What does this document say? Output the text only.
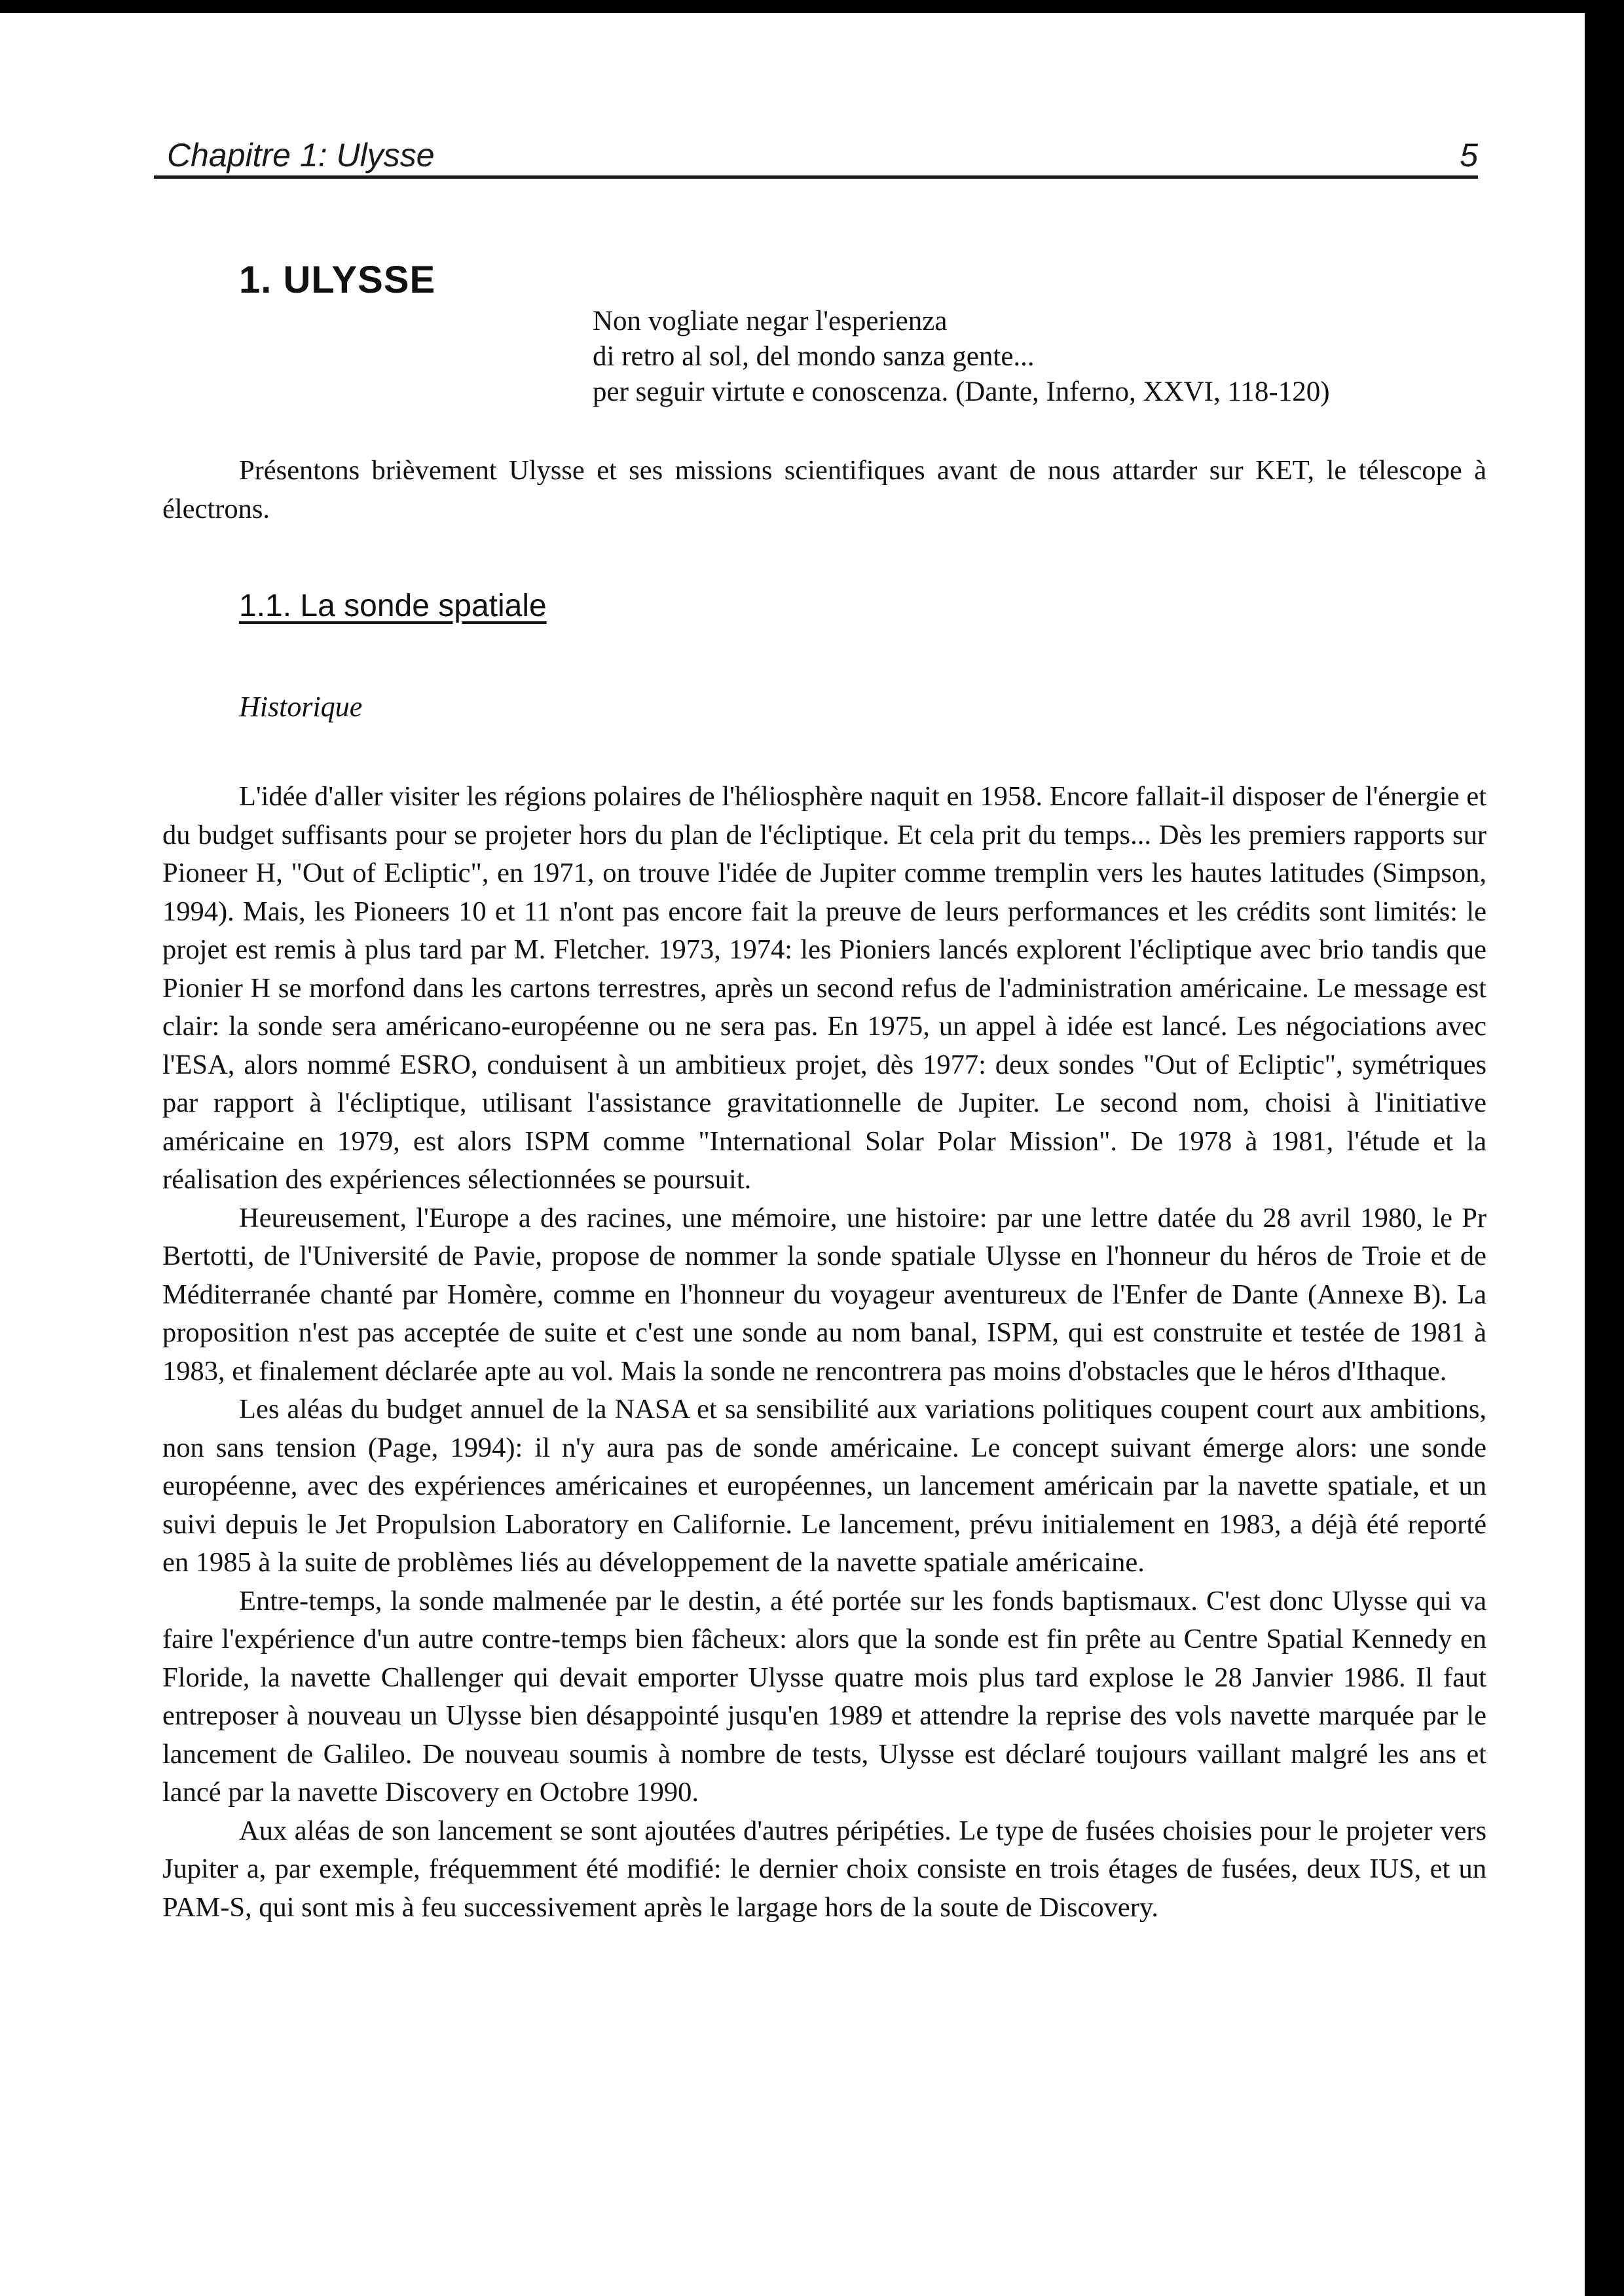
Chapitre 1: Ulysse	5
1. ULYSSE
Non vogliate negar l'esperienza
di retro al sol, del mondo sanza gente...
per seguir virtute e conoscenza. (Dante, Inferno, XXVI, 118-120)

Présentons brièvement Ulysse et ses missions scientifiques avant de nous attarder sur KET, le télescope à électrons.

1.1. La sonde spatiale
Historique

L'idée d'aller visiter les régions polaires de l'héliosphère naquit en 1958. Encore fallait-il disposer de l'énergie et du budget suffisants pour se projeter hors du plan de l'écliptique. Et cela prit du temps... Dès les premiers rapports sur Pioneer H, "Out of Ecliptic", en 1971, on trouve l'idée de Jupiter comme tremplin vers les hautes latitudes (Simpson, 1994). Mais, les Pioneers 10 et 11 n'ont pas encore fait la preuve de leurs performances et les crédits sont limités: le projet est remis à plus tard par M. Fletcher. 1973, 1974: les Pioniers lancés explorent l'écliptique avec brio tandis que Pionier H se morfond dans les cartons terrestres, après un second refus de l'administration américaine. Le message est clair: la sonde sera américano-européenne ou ne sera pas. En 1975, un appel à idée est lancé. Les négociations avec l'ESA, alors nommé ESRO, conduisent à un ambitieux projet, dès 1977: deux sondes "Out of Ecliptic", symétriques par rapport à l'écliptique, utilisant l'assistance gravitationnelle de Jupiter. Le second nom, choisi à l'initiative américaine en 1979, est alors ISPM comme "International Solar Polar Mission". De 1978 à 1981, l'étude et la réalisation des expériences sélectionnées se poursuit.

Heureusement, l'Europe a des racines, une mémoire, une histoire: par une lettre datée du 28 avril 1980, le Pr Bertotti, de l'Université de Pavie, propose de nommer la sonde spatiale Ulysse en l'honneur du héros de Troie et de Méditerranée chanté par Homère, comme en l'honneur du voyageur aventureux de l'Enfer de Dante (Annexe B). La proposition n'est pas acceptée de suite et c'est une sonde au nom banal, ISPM, qui est construite et testée de 1981 à 1983, et finalement déclarée apte au vol. Mais la sonde ne rencontrera pas moins d'obstacles que le héros d'Ithaque.

Les aléas du budget annuel de la NASA et sa sensibilité aux variations politiques coupent court aux ambitions, non sans tension (Page, 1994): il n'y aura pas de sonde américaine. Le concept suivant émerge alors: une sonde européenne, avec des expériences américaines et européennes, un lancement américain par la navette spatiale, et un suivi depuis le Jet Propulsion Laboratory en Californie. Le lancement, prévu initialement en 1983, a déjà été reporté en 1985 à la suite de problèmes liés au développement de la navette spatiale américaine.

Entre-temps, la sonde malmenée par le destin, a été portée sur les fonds baptismaux. C'est donc Ulysse qui va faire l'expérience d'un autre contre-temps bien fâcheux: alors que la sonde est fin prête au Centre Spatial Kennedy en Floride, la navette Challenger qui devait emporter Ulysse quatre mois plus tard explose le 28 Janvier 1986. Il faut entreposer à nouveau un Ulysse bien désappointé jusqu'en 1989 et attendre la reprise des vols navette marquée par le lancement de Galileo. De nouveau soumis à nombre de tests, Ulysse est déclaré toujours vaillant malgré les ans et lancé par la navette Discovery en Octobre 1990.

Aux aléas de son lancement se sont ajoutées d'autres péripéties. Le type de fusées choisies pour le projeter vers Jupiter a, par exemple, fréquemment été modifié: le dernier choix consiste en trois étages de fusées, deux IUS, et un PAM-S, qui sont mis à feu successivement après le largage hors de la soute de Discovery.
